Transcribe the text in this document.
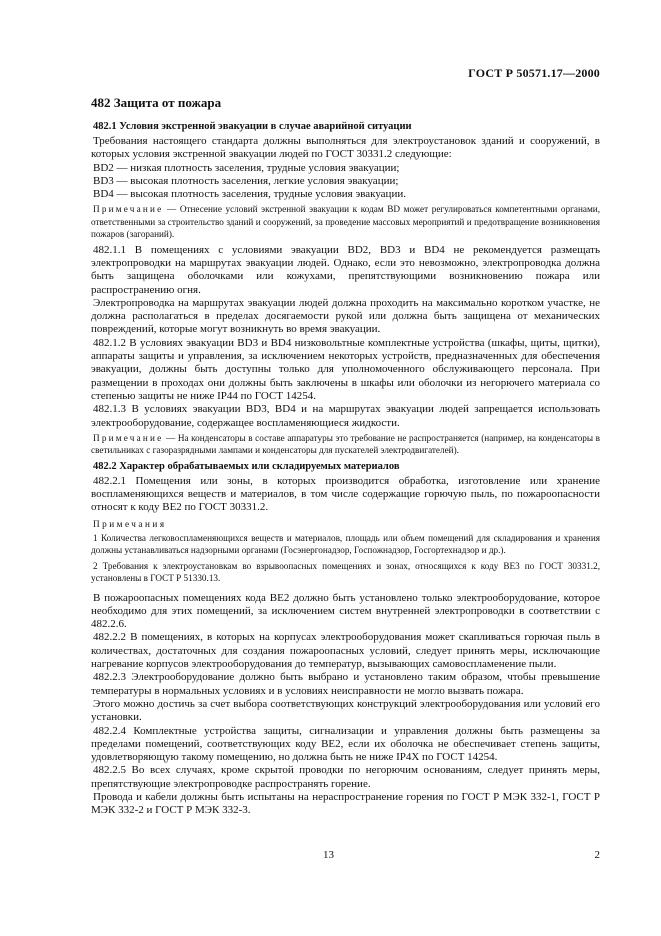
ГОСТ Р 50571.17—2000
482 Защита от пожара
482.1 Условия экстренной эвакуации в случае аварийной ситуации

Требования настоящего стандарта должны выполняться для электроустановок зданий и сооружений, в которых условия экстренной эвакуации людей по ГОСТ 30331.2 следующие:

BD2 — низкая плотность заселения, трудные условия эвакуации;

BD3 — высокая плотность заселения, легкие условия эвакуации;

BD4 — высокая плотность заселения, трудные условия эвакуации.

Примечание — Отнесение условий экстренной эвакуации к кодам BD может регулироваться компетентными органами, ответственными за строительство зданий и сооружений, за проведение массовых мероприятий и предотвращение возникновения пожаров (загораний).

482.1.1 В помещениях с условиями эвакуации BD2, BD3 и BD4 не рекомендуется размещать электропроводки на маршрутах эвакуации людей. Однако, если это невозможно, электропроводка должна быть защищена оболочками или кожухами, препятствующими возникновению пожара или распространению огня.

Электропроводка на маршрутах эвакуации людей должна проходить на максимально коротком участке, не должна располагаться в пределах досягаемости рукой или должна быть защищена от механических повреждений, которые могут возникнуть во время эвакуации.

482.1.2 В условиях эвакуации BD3 и BD4 низковольтные комплектные устройства (шкафы, щиты, щитки), аппараты защиты и управления, за исключением некоторых устройств, предназначенных для обеспечения эвакуации, должны быть доступны только для уполномоченного обслуживающего персонала. При размещении в проходах они должны быть заключены в шкафы или оболочки из негорючего материала со степенью защиты не ниже IP44 по ГОСТ 14254.

482.1.3 В условиях эвакуации BD3, BD4 и на маршрутах эвакуации людей запрещается использовать электрооборудование, содержащее воспламеняющиеся жидкости.

Примечание — На конденсаторы в составе аппаратуры это требование не распространяется (например, на конденсаторы в светильниках с газоразрядными лампами и конденсаторы для пускателей электродвигателей).

482.2 Характер обрабатываемых или складируемых материалов

482.2.1 Помещения или зоны, в которых производится обработка, изготовление или хранение воспламеняющихся веществ и материалов, в том числе содержащие горючую пыль, по пожароопасности относят к коду BE2 по ГОСТ 30331.2.

Примечания

1 Количества легковоспламеняющихся веществ и материалов, площадь или объем помещений для складирования и хранения должны устанавливаться надзорными органами (Госэнергонадзор, Госпожнадзор, Госгортехнадзор и др.).

2 Требования к электроустановкам во взрывоопасных помещениях и зонах, относящихся к коду BE3 по ГОСТ 30331.2, установлены в ГОСТ Р 51330.13.

В пожароопасных помещениях кода BE2 должно быть установлено только электрооборудование, которое необходимо для этих помещений, за исключением систем внутренней электропроводки в соответствии с 482.2.6.

482.2.2 В помещениях, в которых на корпусах электрооборудования может скапливаться горючая пыль в количествах, достаточных для создания пожароопасных условий, следует принять меры, исключающие нагревание корпусов электрооборудования до температур, вызывающих самовоспламенение пыли.

482.2.3 Электрооборудование должно быть выбрано и установлено таким образом, чтобы превышение температуры в нормальных условиях и в условиях неисправности не могло вызвать пожара.

Этого можно достичь за счет выбора соответствующих конструкций электрооборудования или условий его установки.

482.2.4 Комплектные устройства защиты, сигнализации и управления должны быть размещены за пределами помещений, соответствующих коду BE2, если их оболочка не обеспечивает степень защиты, удовлетворяющую такому помещению, но должна быть не ниже IP4X по ГОСТ 14254.

482.2.5 Во всех случаях, кроме скрытой проводки по негорючим основаниям, следует принять меры, препятствующие электропроводке распространять горение.

Провода и кабели должны быть испытаны на нераспространение горения по ГОСТ Р МЭК 332-1, ГОСТ Р МЭК 332-2 и ГОСТ Р МЭК 332-3.

13	2
